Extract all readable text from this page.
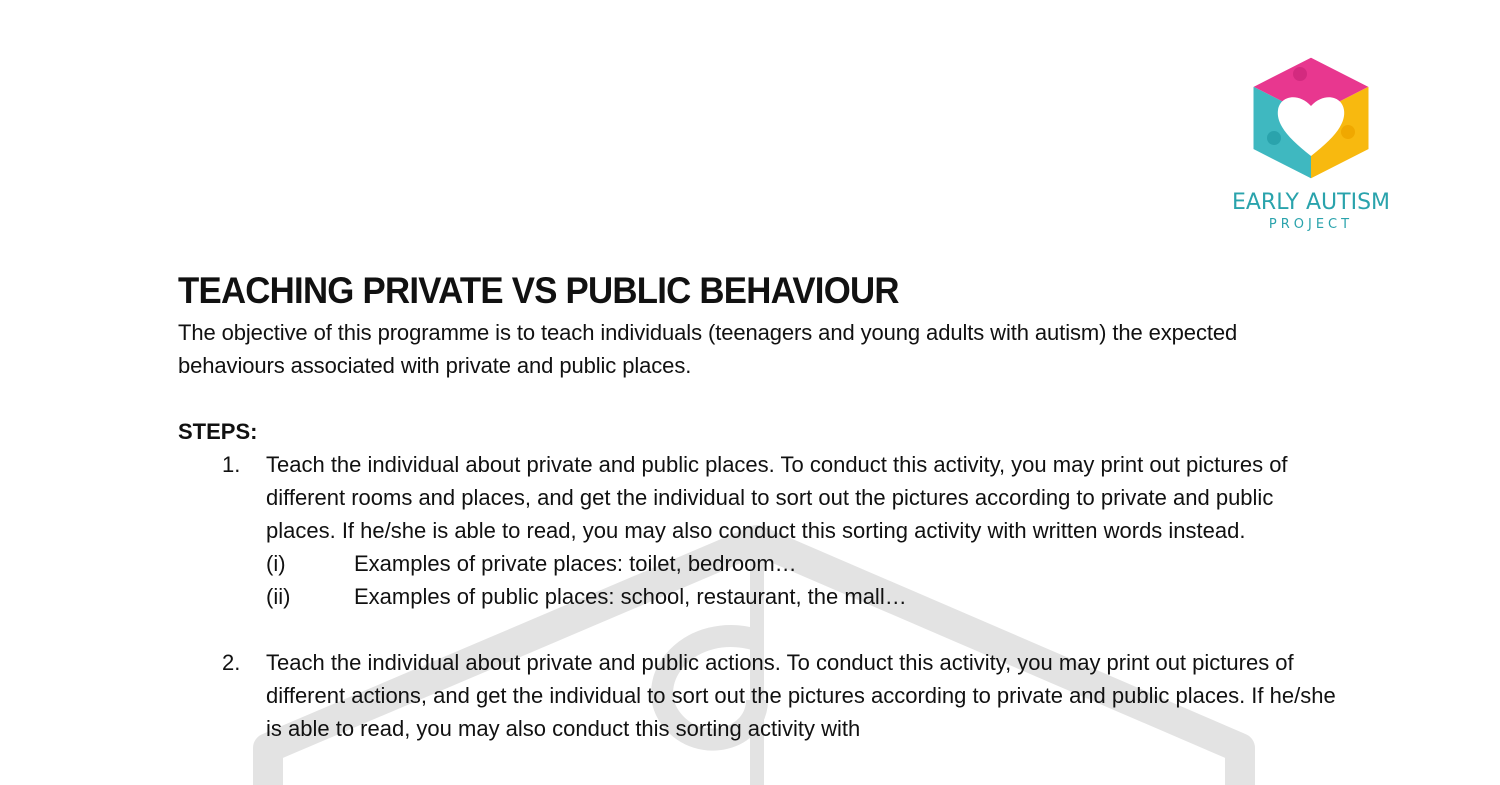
EARLY AUTISM
PROJECT
TEACHING PRIVATE VS PUBLIC BEHAVIOUR

The objective of this programme is to teach individuals (teenagers and young adults with autism) the expected behaviours associated with private and public places.

STEPS:
1. Teach the individual about private and public places. To conduct this activity, you may print out pictures of different rooms and places, and get the individual to sort out the pictures according to private and public places. If he/she is able to read, you may also conduct this sorting activity with written words instead.
(i)	Examples of private places: toilet, bedroom…
(ii)	Examples of public places: school, restaurant, the mall…
2. Teach the individual about private and public actions. To conduct this activity, you may print out pictures of different actions, and get the individual to sort out the pictures according to private and public places. If he/she is able to read, you may also conduct this sorting activity with
